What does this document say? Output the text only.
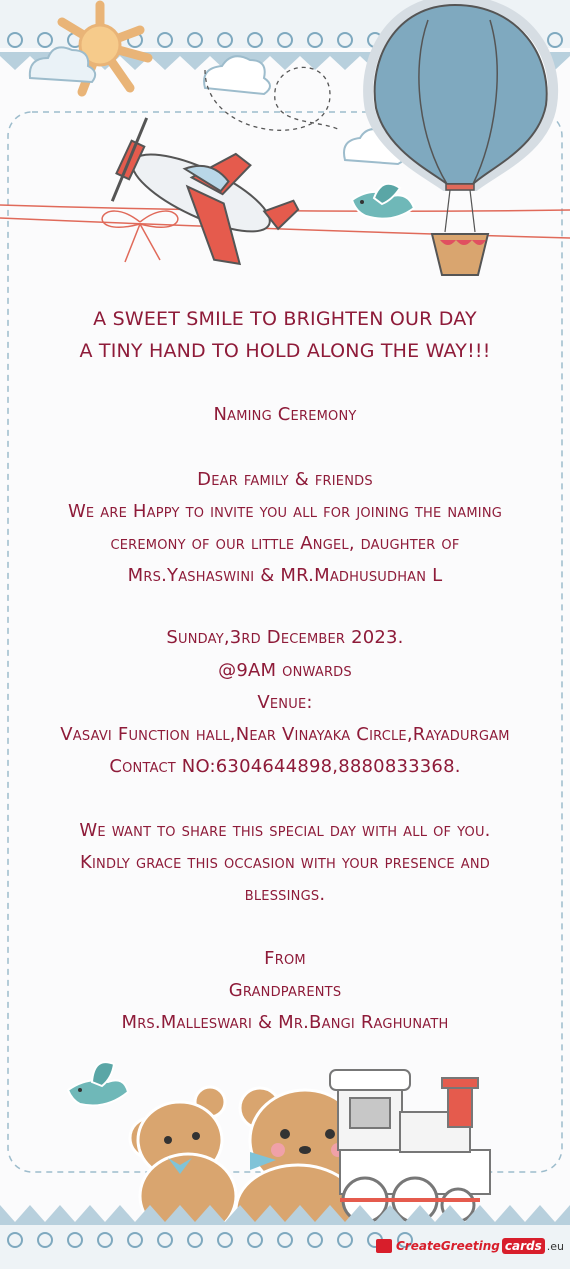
A SWEET SMILE TO BRIGHTEN OUR DAY
A TINY HAND TO HOLD ALONG THE WAY!!!
Naming Ceremony
Dear family & friends
We are Happy to invite you all for joining the naming
ceremony of our little Angel, daughter of
Mrs.Yashaswini & MR.Madhusudhan L
Sunday,3rd December 2023.
@9AM onwards
Venue:
Vasavi Function hall,Near Vinayaka Circle,Rayadurgam
Contact NO:6304644898,8880833368.
We want to share this special day with all of you.
Kindly grace this occasion with your presence and
blessings.
From
Grandparents
Mrs.Malleswari & Mr.Bangi Raghunath
CreateGreeting cards .eu
